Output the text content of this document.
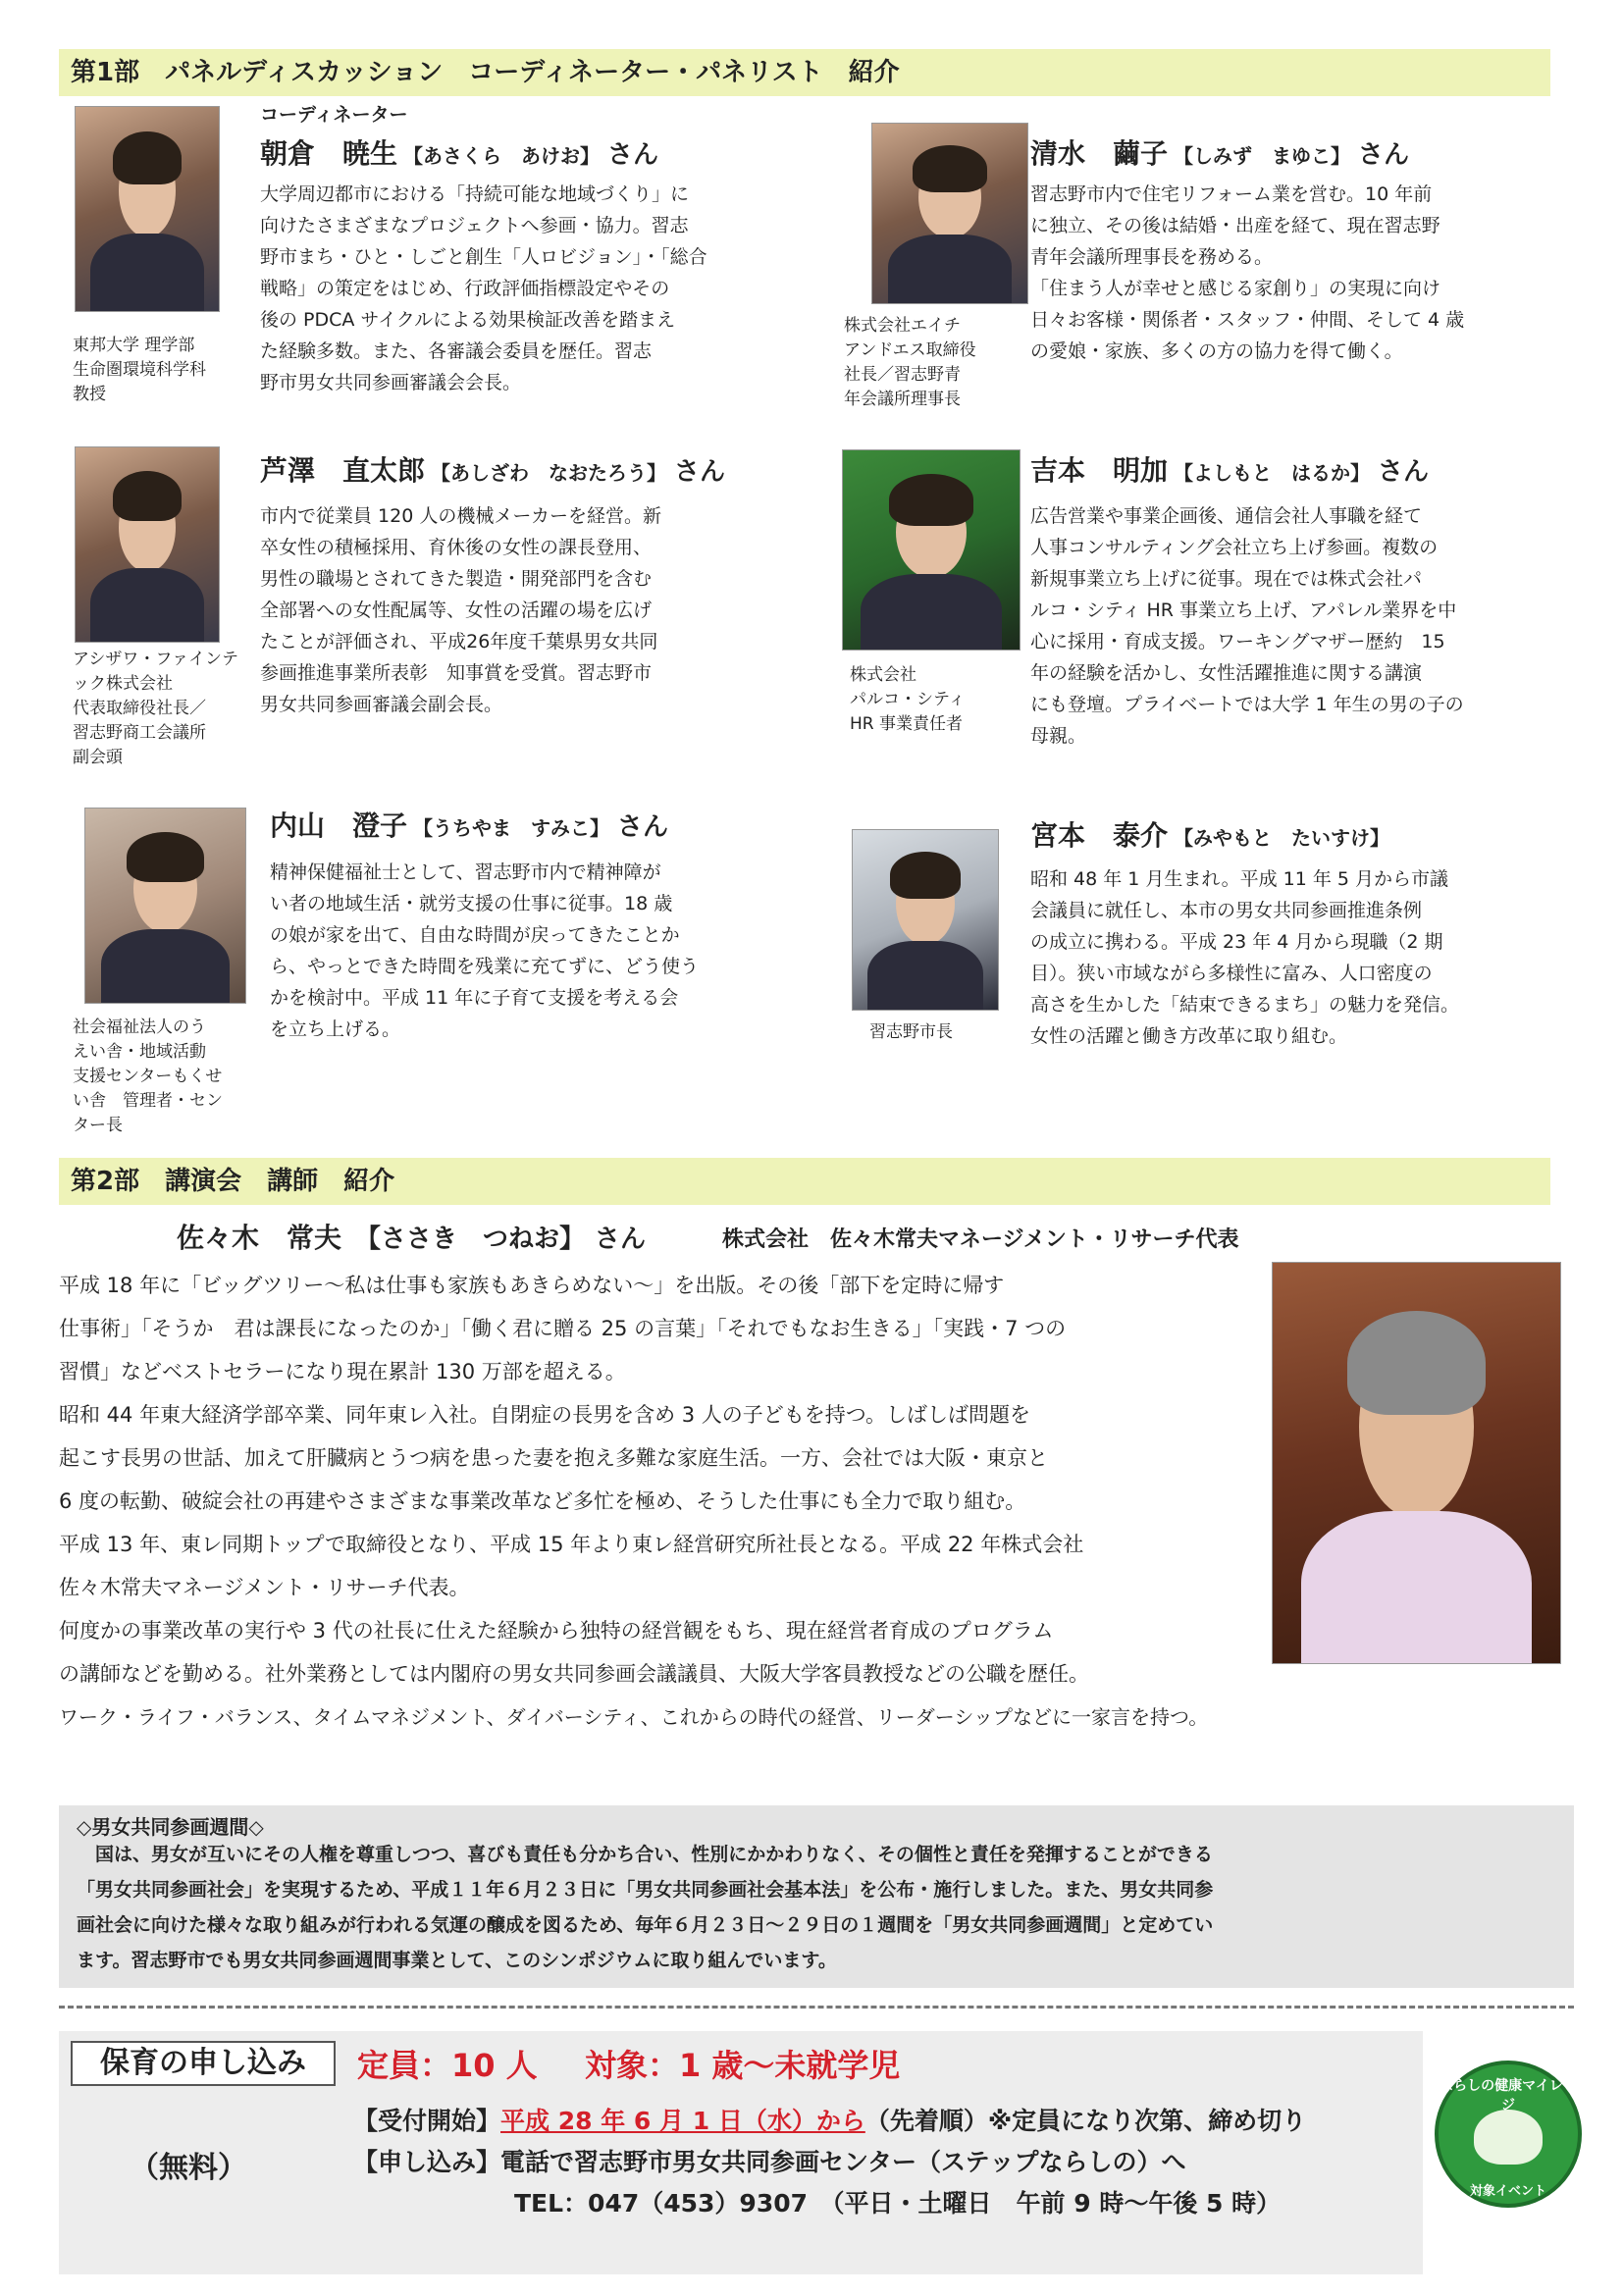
第1部　パネルディスカッション　コーディネーター・パネリスト　紹介
コーディネーター
朝倉　暁生 【あさくら　あけお】 さん
東邦大学 理学部
生命圏環境科学科
教授
大学周辺都市における「持続可能な地域づくり」に
向けたさまざまなプロジェクトへ参画・協力。習志
野市まち・ひと・しごと創生「人ロビジョン」・「総合
戦略」の策定をはじめ、行政評価指標設定やその
後の PDCA サイクルによる効果検証改善を踏まえ
た経験多数。また、各審議会委員を歴任。習志
野市男女共同参画審議会会長。
清水　繭子 【しみず　まゆこ】 さん
株式会社エイチ
アンドエス取締役
社長／習志野青
年会議所理事長
習志野市内で住宅リフォーム業を営む。10 年前
に独立、その後は結婚・出産を経て、現在習志野
青年会議所理事長を務める。
「住まう人が幸せと感じる家創り」の実現に向け
日々お客様・関係者・スタッフ・仲間、そして 4 歳
の愛娘・家族、多くの方の協力を得て働く。
芦澤　直太郎 【あしざわ　なおたろう】 さん
アシザワ・ファインテ
ック株式会社
代表取締役社長／
習志野商工会議所
副会頭
市内で従業員 120 人の機械メーカーを経営。新
卒女性の積極採用、育休後の女性の課長登用、
男性の職場とされてきた製造・開発部門を含む
全部署への女性配属等、女性の活躍の場を広げ
たことが評価され、平成26年度千葉県男女共同
参画推進事業所表彰　知事賞を受賞。習志野市
男女共同参画審議会副会長。
吉本　明加 【よしもと　はるか】 さん
株式会社
パルコ・シティ
HR 事業責任者
広告営業や事業企画後、通信会社人事職を経て
人事コンサルティング会社立ち上げ参画。複数の
新規事業立ち上げに従事。現在では株式会社パ
ルコ・シティ HR 事業立ち上げ、アパレル業界を中
心に採用・育成支援。ワーキングマザー歴約　15
年の経験を活かし、女性活躍推進に関する講演
にも登壇。プライベートでは大学 1 年生の男の子の
母親。
内山　澄子 【うちやま　すみこ】 さん
社会福祉法人のう
えい舎・地域活動
支援センターもくせ
い舎　管理者・セン
ター長
精神保健福祉士として、習志野市内で精神障が
い者の地域生活・就労支援の仕事に従事。18 歳
の娘が家を出て、自由な時間が戻ってきたことか
ら、やっとできた時間を残業に充てずに、どう使う
かを検討中。平成 11 年に子育て支援を考える会
を立ち上げる。
宮本　泰介 【みやもと　たいすけ】
習志野市長
昭和 48 年 1 月生まれ。平成 11 年 5 月から市議
会議員に就任し、本市の男女共同参画推進条例
の成立に携わる。平成 23 年 4 月から現職（2 期
目）。狭い市域ながら多様性に富み、人口密度の
高さを生かした「結束できるまち」の魅力を発信。
女性の活躍と働き方改革に取り組む。
第2部　講演会　講師　紹介
佐々木　常夫 【ささき　つねお】 さん	株式会社　佐々木常夫マネージメント・リサーチ代表

平成 18 年に「ビッグツリー～私は仕事も家族もあきらめない～」を出版。その後「部下を定時に帰す

仕事術」「そうか　君は課長になったのか」「働く君に贈る 25 の言葉」「それでもなお生きる」「実践・7 つの

習慣」などベストセラーになり現在累計 130 万部を超える。

昭和 44 年東大経済学部卒業、同年東レ入社。自閉症の長男を含め 3 人の子どもを持つ。しばしば問題を

起こす長男の世話、加えて肝臓病とうつ病を患った妻を抱え多難な家庭生活。一方、会社では大阪・東京と

6 度の転勤、破綻会社の再建やさまざまな事業改革など多忙を極め、そうした仕事にも全力で取り組む。

平成 13 年、東レ同期トップで取締役となり、平成 15 年より東レ経営研究所社長となる。平成 22 年株式会社

佐々木常夫マネージメント・リサーチ代表。

何度かの事業改革の実行や 3 代の社長に仕えた経験から独特の経営観をもち、現在経営者育成のプログラム

の講師などを勤める。社外業務としては内閣府の男女共同参画会議議員、大阪大学客員教授などの公職を歴任。

ワーク・ライフ・バランス、タイムマネジメント、ダイバーシティ、これからの時代の経営、リーダーシップなどに一家言を持つ。

◇男女共同参画週間◇
　国は、男女が互いにその人権を尊重しつつ、喜びも責任も分かち合い、性別にかかわりなく、その個性と責任を発揮することができる
「男女共同参画社会」を実現するため、平成１１年６月２３日に「男女共同参画社会基本法」を公布・施行しました。また、男女共同参
画社会に向けた様々な取り組みが行われる気運の醸成を図るため、毎年６月２３日～２９日の１週間を「男女共同参画週間」と定めてい
ます。習志野市でも男女共同参画週間事業として、このシンポジウムに取り組んでいます。
保育の申し込み
（無料）
定員：10 人 対象：1 歳～未就学児
【受付開始】平成 28 年 6 月 1 日（水）から（先着順）※定員になり次第、締め切り
【申し込み】電話で習志野市男女共同参画センター（ステップならしの）へ
TEL：047（453）9307　（平日・土曜日　午前 9 時～午後 5 時）
ならしの健康マイレージ
対象イベント
